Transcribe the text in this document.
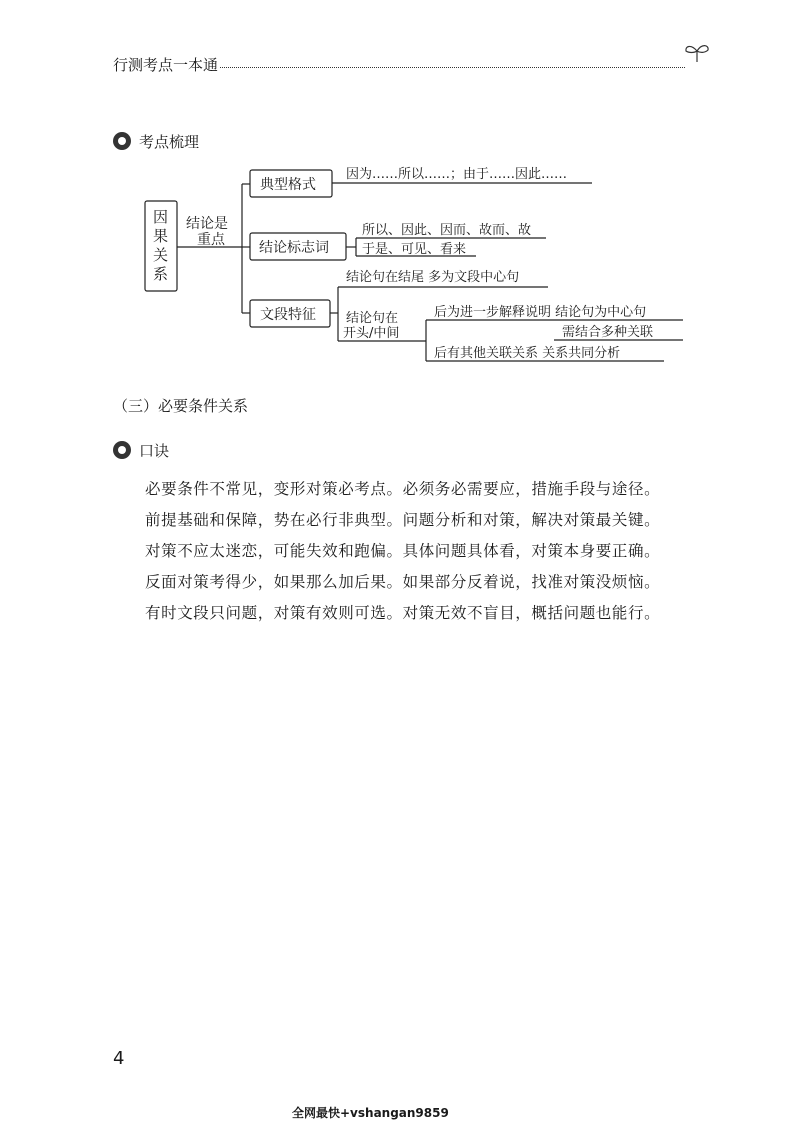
行测考点一本通
考点梳理
因
果
关
系
结论是
重点
典型格式
因为……所以……；由于……因此……
结论标志词
所以、因此、因而、故而、故
于是、可见、看来
文段特征
结论句在结尾 多为文段中心句
结论句在
开头/中间
后为进一步解释说明 结论句为中心句
需结合多种关联
后有其他关联关系 关系共同分析
（三）必要条件关系
口诀
必要条件不常见，变形对策必考点。必须务必需要应，措施手段与途径。
前提基础和保障，势在必行非典型。问题分析和对策，解决对策最关键。
对策不应太迷恋，可能失效和跑偏。具体问题具体看，对策本身要正确。
反面对策考得少，如果那么加后果。如果部分反着说，找准对策没烦恼。
有时文段只问题，对策有效则可选。对策无效不盲目，概括问题也能行。
4
全网最快+vshangan9859
